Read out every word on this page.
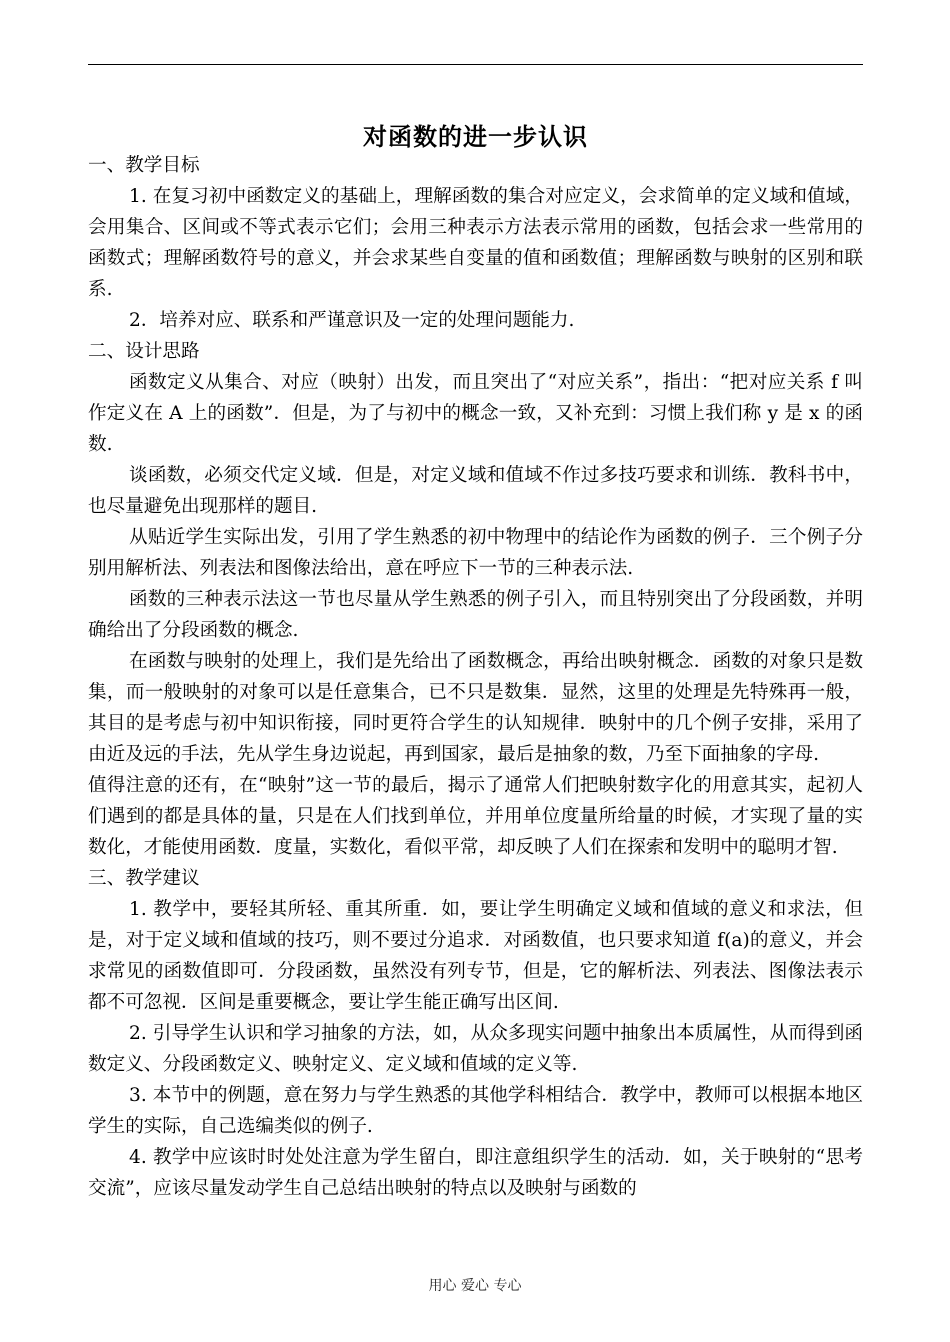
对函数的进一步认识

一、教学目标

1. 在复习初中函数定义的基础上，理解函数的集合对应定义，会求简单的定义域和值域，会用集合、区间或不等式表示它们；会用三种表示方法表示常用的函数，包括会求一些常用的函数式；理解函数符号的意义，并会求某些自变量的值和函数值；理解函数与映射的区别和联系.

2．培养对应、联系和严谨意识及一定的处理问题能力.

二、设计思路

函数定义从集合、对应（映射）出发，而且突出了“对应关系”，指出：“把对应关系 f 叫作定义在 A 上的函数”．但是，为了与初中的概念一致，又补充到：习惯上我们称 y 是 x 的函数.

谈函数，必须交代定义域．但是，对定义域和值域不作过多技巧要求和训练．教科书中，也尽量避免出现那样的题目.

从贴近学生实际出发，引用了学生熟悉的初中物理中的结论作为函数的例子．三个例子分别用解析法、列表法和图像法给出，意在呼应下一节的三种表示法.

函数的三种表示法这一节也尽量从学生熟悉的例子引入，而且特别突出了分段函数，并明确给出了分段函数的概念.

在函数与映射的处理上，我们是先给出了函数概念，再给出映射概念．函数的对象只是数集，而一般映射的对象可以是任意集合，已不只是数集．显然，这里的处理是先特殊再一般，其目的是考虑与初中知识衔接，同时更符合学生的认知规律．映射中的几个例子安排，采用了由近及远的手法，先从学生身边说起，再到国家，最后是抽象的数，乃至下面抽象的字母.

值得注意的还有，在“映射”这一节的最后，揭示了通常人们把映射数字化的用意其实，起初人们遇到的都是具体的量，只是在人们找到单位，并用单位度量所给量的时候，才实现了量的实数化，才能使用函数．度量，实数化，看似平常，却反映了人们在探索和发明中的聪明才智.

三、教学建议

1. 教学中，要轻其所轻、重其所重．如，要让学生明确定义域和值域的意义和求法，但是，对于定义域和值域的技巧，则不要过分追求．对函数值，也只要求知道 f(a)的意义，并会求常见的函数值即可．分段函数，虽然没有列专节，但是，它的解析法、列表法、图像法表示都不可忽视．区间是重要概念，要让学生能正确写出区间.

2. 引导学生认识和学习抽象的方法，如，从众多现实问题中抽象出本质属性，从而得到函数定义、分段函数定义、映射定义、定义域和值域的定义等.

3. 本节中的例题，意在努力与学生熟悉的其他学科相结合．教学中，教师可以根据本地区学生的实际，自己选编类似的例子.

4. 教学中应该时时处处注意为学生留白，即注意组织学生的活动．如，关于映射的“思考交流”，应该尽量发动学生自己总结出映射的特点以及映射与函数的

用心 爱心 专心
